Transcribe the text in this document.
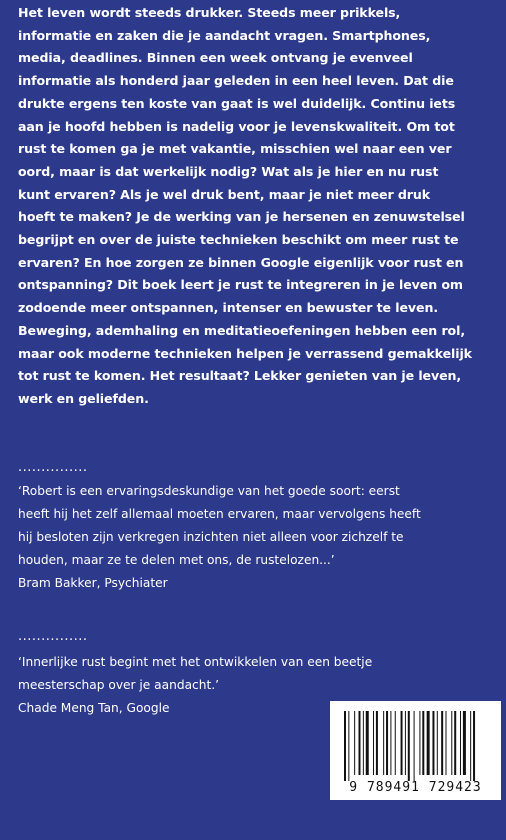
Het leven wordt steeds drukker. Steeds meer prikkels,
informatie en zaken die je aandacht vragen. Smartphones,
media, deadlines. Binnen een week ontvang je evenveel
informatie als honderd jaar geleden in een heel leven. Dat die
drukte ergens ten koste van gaat is wel duidelijk. Continu iets
aan je hoofd hebben is nadelig voor je levenskwaliteit. Om tot
rust te komen ga je met vakantie, misschien wel naar een ver
oord, maar is dat werkelijk nodig? Wat als je hier en nu rust
kunt ervaren? Als je wel druk bent, maar je niet meer druk
hoeft te maken? Je de werking van je hersenen en zenuwstelsel
begrijpt en over de juiste technieken beschikt om meer rust te
ervaren? En hoe zorgen ze binnen Google eigenlijk voor rust en
ontspanning? Dit boek leert je rust te integreren in je leven om
zodoende meer ontspannen, intenser en bewuster te leven.
Beweging, ademhaling en meditatieoefeningen hebben een rol,
maar ook moderne technieken helpen je verrassend gemakkelijk
tot rust te komen. Het resultaat? Lekker genieten van je leven,
werk en geliefden.
...............
‘Robert is een ervaringsdeskundige van het goede soort: eerst
heeft hij het zelf allemaal moeten ervaren, maar vervolgens heeft
hij besloten zijn verkregen inzichten niet alleen voor zichzelf te
houden, maar ze te delen met ons, de rustelozen...’
Bram Bakker, Psychiater
...............
‘Innerlijke rust begint met het ontwikkelen van een beetje
meesterschap over je aandacht.’
Chade Meng Tan, Google
9 789491 729423
